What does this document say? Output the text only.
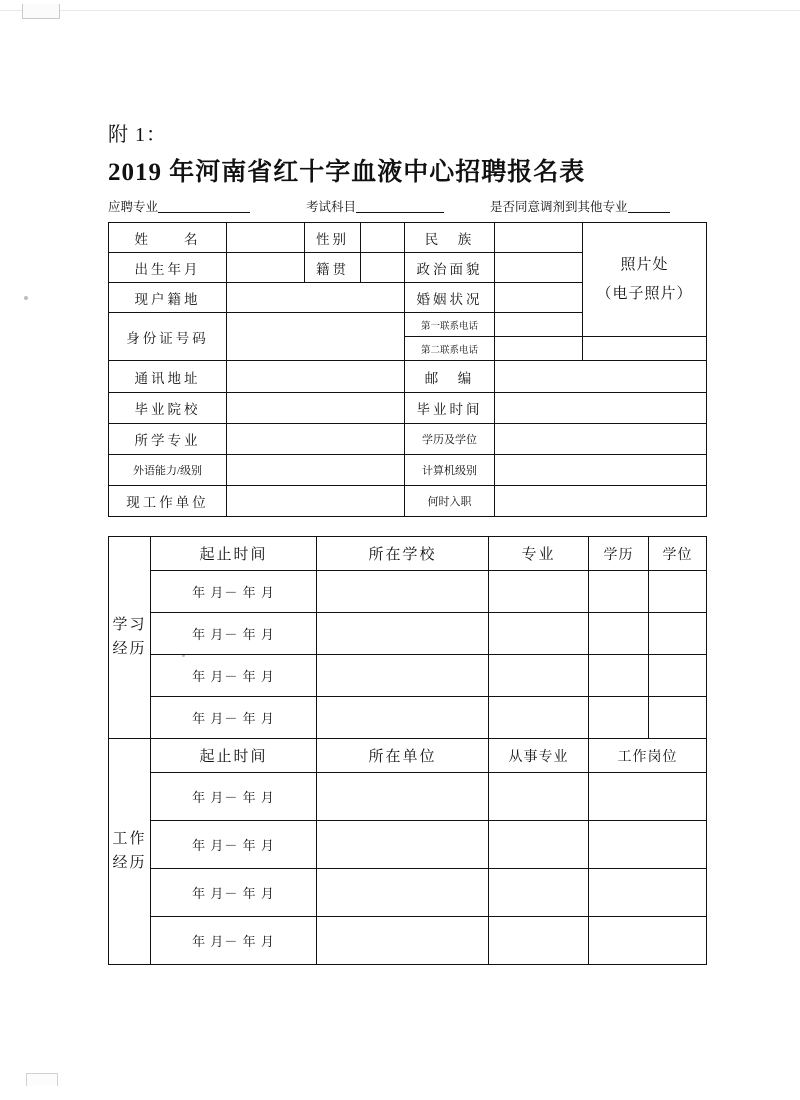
附 1：
2019 年河南省红十字血液中心招聘报名表
应聘专业	考试科目	是否同意调剂到其他专业
姓　　名		性别		民　族		照片处
（电子照片）

出生年月		籍贯		政治面貌		
现户籍地				婚姻状况		
身份证号码				第一联系电话		
				第二联系电话		
通讯地址				邮　编		
毕业院校				毕业时间		
所学专业				学历及学位		
外语能力/级别				计算机级别		
现工作单位				何时入职		
学习经历	起止时间	所在学校	专业	学历	学位
	年 月－ 年 月				
	年 月－ 年 月				
	年 月－ 年 月				
	年 月－ 年 月				
工作经历	起止时间	所在单位	从事专业	工作岗位
	年 月－ 年 月			
	年 月－ 年 月			
	年 月－ 年 月			
	年 月－ 年 月			
